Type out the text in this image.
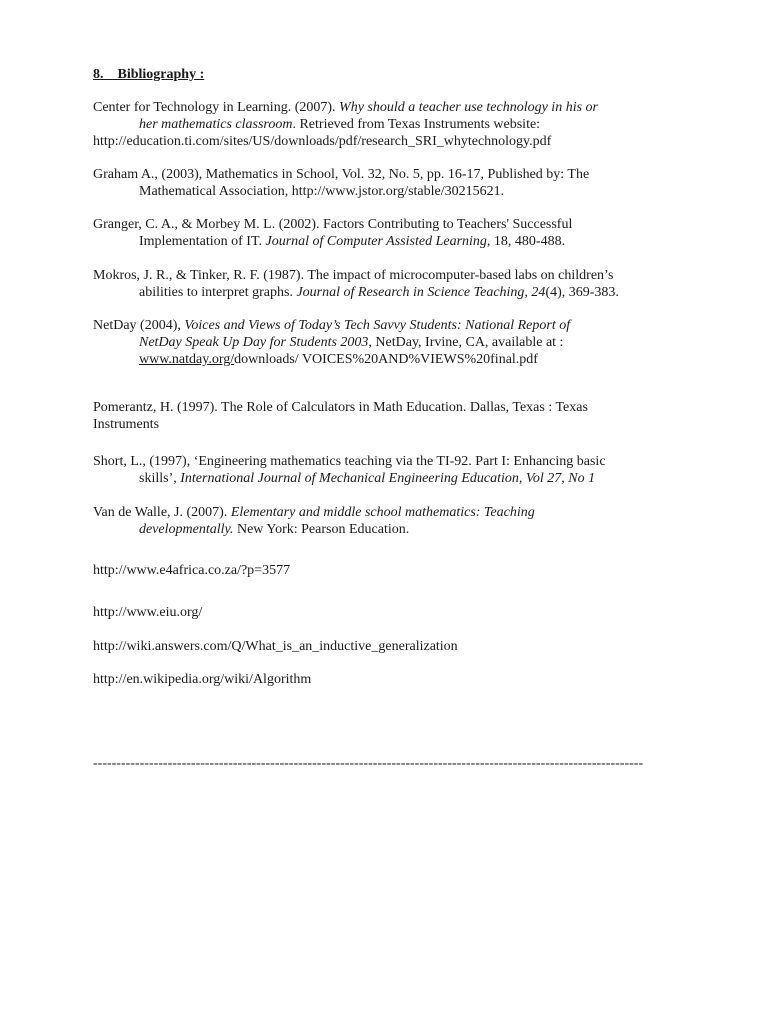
8.    Bibliography :
Center for Technology in Learning. (2007). Why should a teacher use technology in his or
her mathematics classroom. Retrieved from Texas Instruments website:
http://education.ti.com/sites/US/downloads/pdf/research_SRI_whytechnology.pdf
Graham A., (2003), Mathematics in School, Vol. 32, No. 5, pp. 16-17, Published by: The
Mathematical Association, http://www.jstor.org/stable/30215621.
Granger, C. A., & Morbey M. L. (2002). Factors Contributing to Teachers' Successful
Implementation of IT. Journal of Computer Assisted Learning, 18, 480-488.
Mokros, J. R., & Tinker, R. F. (1987). The impact of microcomputer-based labs on children’s
abilities to interpret graphs. Journal of Research in Science Teaching, 24(4), 369-383.
NetDay (2004), Voices and Views of Today’s Tech Savvy Students: National Report of
NetDay Speak Up Day for Students 2003, NetDay, Irvine, CA, available at :
www.natday.org/downloads/ VOICES%20AND%VIEWS%20final.pdf
Pomerantz, H. (1997). The Role of Calculators in Math Education. Dallas, Texas : Texas
Instruments
Short, L., (1997), ‘Engineering mathematics teaching via the TI-92. Part I: Enhancing basic
skills’, International Journal of Mechanical Engineering Education, Vol 27, No 1
Van de Walle, J. (2007). Elementary and middle school mathematics: Teaching
developmentally. New York: Pearson Education.
http://www.e4africa.co.za/?p=3577
http://www.eiu.org/
http://wiki.answers.com/Q/What_is_an_inductive_generalization
http://en.wikipedia.org/wiki/Algorithm
----------------------------------------------------------------------------------------------------------------------
